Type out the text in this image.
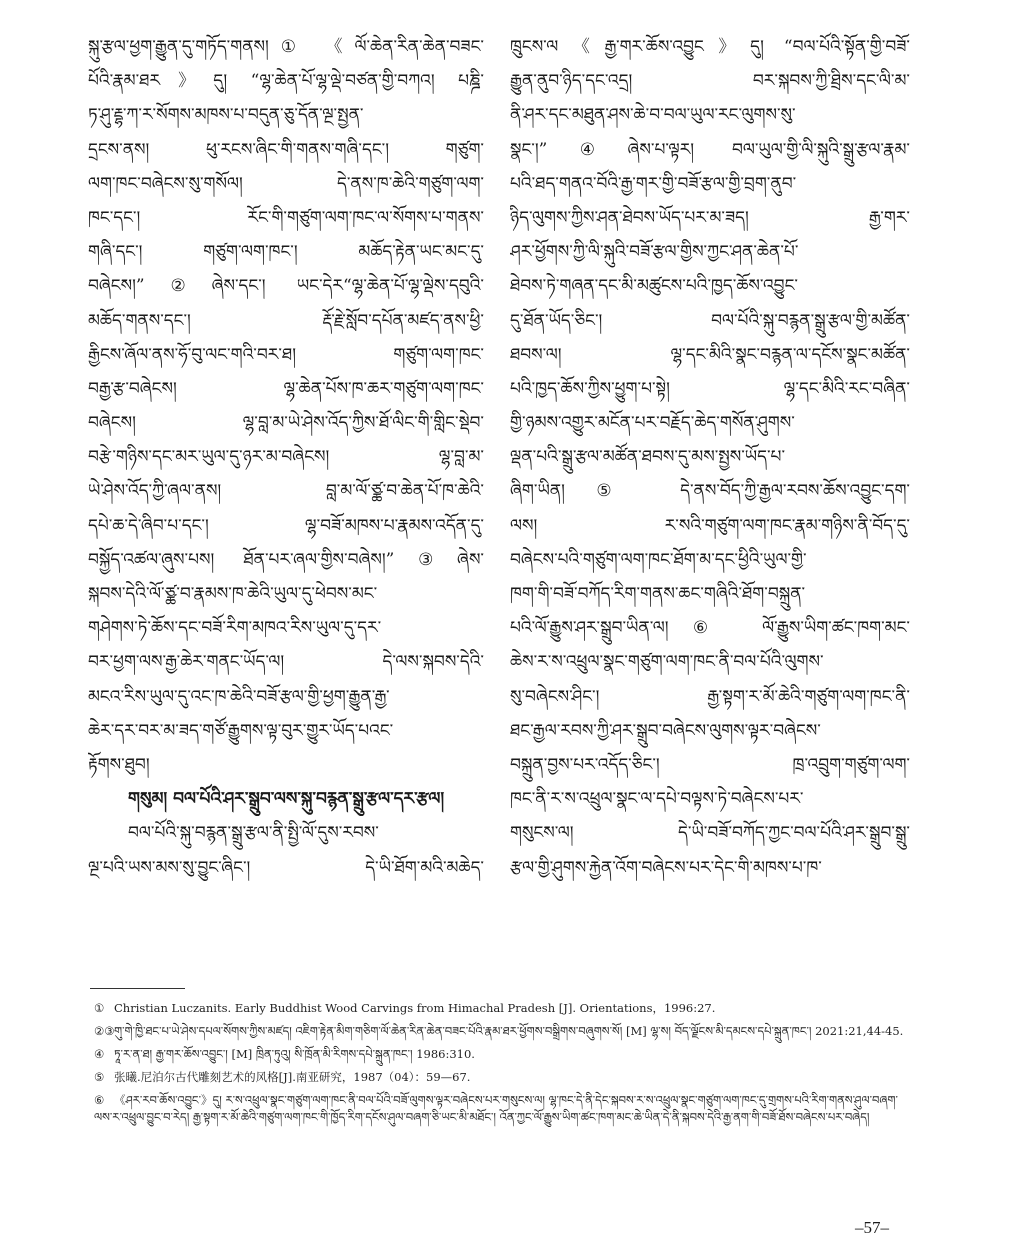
སྐུ་རྩལ་ཕྱག་རྒྱུན་དུ་གཏོད་གནས།① 《ལོ་ཆེན་རིན་ཆེན་བཟང་
པོའི་རྣམ་ཐར》དུ། “ལྷ་ཆེན་པོ་ལྷ་ལྡེ་བཙན་གྱི་བཀའ། པཎྜི་
ཏ་ཤུ་རྡྷ་ཀ་ར་སོགས་མཁས་པ་བདུན་ཅུ་དོན་ལྔ་སྤྱན་
དྲངས་ནས། ཕུ་རངས་ཞིང་གི་གནས་གཞི་དང་། གཙུག་
ལག་ཁང་བཞེངས་སུ་གསོལ། དེ་ནས་ཁ་ཆེའི་གཙུག་ལག་
ཁང་དང་། རོང་གི་གཙུག་ལག་ཁང་ལ་སོགས་པ་གནས་
གཞི་དང་། གཙུག་ལག་ཁང་། མཆོད་རྟེན་ཡང་མང་དུ་
བཞེངས།”②ཞེས་དང་། ཡང་དེར“ལྷ་ཆེན་པོ་ལྷ་ལྡེས་དབུའི་
མཆོད་གནས་དང་། རྡོ་རྗེ་སློབ་དཔོན་མཛད་ནས་ཕྱི་
རྒྱིངས་ཞོལ་ནས་ཧོ་བུ་ལང་གའི་བར་ཐ། གཙུག་ལག་ཁང་
བརྒྱ་རྩ་བཞེངས། ལྷ་ཆེན་པོས་ཁ་ཆར་གཙུག་ལག་ཁང་
བཞེངས། ལྷ་བླ་མ་ཡེ་ཤེས་འོད་ཀྱིས་ཐོ་ལིང་གི་གླིང་སྡེབ་
བརྩེ་གཉིས་དང་མར་ཡུལ་དུ་ཉར་མ་བཞེངས། ལྷ་བླ་མ་
ཡེ་ཤེས་འོད་ཀྱི་ཞལ་ནས། བླ་མ་ལོ་ཙྪ་བ་ཆེན་པོ་ཁ་ཆེའི་
དཔེ་ཆ་དེ་ཞིབ་པ་དང་། ལྷ་བཟོ་མཁས་པ་རྣམས་འདོན་དུ་
བསྐྱོད་འཚལ་ཞུས་པས། ཐོན་པར་ཞལ་གྱིས་བཞེས།”③ཞེས་
སྐབས་དེའི་ལོ་ཙྪ་བ་རྣམས་ཁ་ཆེའི་ཡུལ་དུ་ཕེབས་མང་
གཤེགས་ཏེ་ཆོས་དང་བཟོ་རིག་མཁའ་རིས་ཡུལ་དུ་དར་
བར་ཕྱག་ལས་རྒྱ་ཆེར་གནང་ཡོད་ལ། དེ་ལས་སྐབས་དེའི་
མངའ་རིས་ཡུལ་དུ་འང་ཁ་ཆེའི་བཟོ་རྩལ་གྱི་ཕྱག་རྒྱུན་རྒྱ་
ཆེར་དར་བར་མ་ཟད་གཙོ་རྒྱུགས་ལྟ་བུར་གྱུར་ཡོད་པའང་
རྟོགས་ཐུབ།
གསུམ། བལ་པོའི་ཤར་སྒྲུབ་ལས་སྐུ་བརྙན་སྒྲུ་རྩལ་དར་རྩལ།
བལ་པོའི་སྐུ་བརྙན་སྒྲུ་རྩལ་ནི་སྤྱི་ལོ་དུས་རབས་
ལྔ་པའི་ཡས་མས་སུ་བྱུང་ཞིང་། དེ་ཡི་ཐོག་མའི་མཆེད་
ཁྲུངས་ལ《རྒྱ་གར་ཆོས་འབྱུང》དུ། “བལ་པོའི་སྟོན་གྱི་བཟོ་
རྒྱུན་ནུབ་ཉིད་དང་འདྲ། བར་སྐབས་ཀྱི་ཐྲིས་དང་ལི་མ་
ནི་ཤར་དང་མཐུན་ཤས་ཆེ་བ་བལ་ཡུལ་རང་ལུགས་སུ་
སྣང་།”④ཞེས་པ་ལྟར། བལ་ཡུལ་གྱི་ལི་སྐུའི་སྒྲུ་རྩལ་རྣམ་
པའི་ཐད་གནའ་བོའི་རྒྱ་གར་གྱི་བཟོ་རྩལ་གྱི་བྲག་ནུབ་
ཉིད་ལུགས་ཀྱིས་ཤན་ཐེབས་ཡོད་པར་མ་ཟད། རྒྱ་གར་
ཤར་ཕྱོགས་ཀྱི་ལི་སྐུའི་བཟོ་རྩལ་གྱིས་ཀྱང་ཤན་ཆེན་པོ་
ཐེབས་ཏེ་གཞན་དང་མི་མཚུངས་པའི་ཁྱད་ཆོས་འབྱུང་
དུ་ཐོན་ཡོད་ཅིང་། བལ་པོའི་སྐུ་བརྙན་སྒྲུ་རྩལ་གྱི་མཚོན་
ཐབས་ལ། ལྷ་དང་མིའི་སྣང་བརྙན་ལ་དངོས་སྣང་མཚོན་
པའི་ཁྱད་ཆོས་ཀྱིས་ཕྱུག་པ་སྟེ། ལྷ་དང་མིའི་རང་བཞིན་
གྱི་ཉམས་འགྱུར་མངོན་པར་བརྗོད་ཆེད་གསོན་ཤུགས་
ལྡན་པའི་སྒྲུ་རྩལ་མཚོན་ཐབས་དུ་མས་སྤྱས་ཡོད་པ་
ཞིག་ཡིན།⑤ དེ་ནས་བོད་ཀྱི་རྒྱལ་རབས་ཆོས་འབྱུང་དག་
ལས། ར་སའི་གཙུག་ལག་ཁང་རྣམ་གཉིས་ནི་བོད་དུ་
བཞེངས་པའི་གཙུག་ལག་ཁང་ཐོག་མ་དང་ཕྱིའི་ཡུལ་གྱི་
ཁག་གི་བཟོ་བཀོད་རིག་གནས་ཆང་གཞིའི་ཐོག་བསྐྲུན་
པའི་ལོ་རྒྱུས་ཤར་སྒྲུབ་ཡིན་ལ།⑥ ལོ་རྒྱུས་ཡིག་ཚང་ཁག་མང་
ཆེས་ར་ས་འཕྲུལ་སྣང་གཙུག་ལག་ཁང་ནི་བལ་པོའི་ལུགས་
སུ་བཞེངས་ཤིང་། རྒྱ་སྟག་ར་མོ་ཆེའི་གཙུག་ལག་ཁང་ནི་
ཐང་རྒྱལ་རབས་ཀྱི་ཤར་སྒྲུབ་བཞེངས་ལུགས་ལྟར་བཞེངས་
བསྐྲུན་བྱས་པར་འདོད་ཅིང་། ཁྲ་འབྲུག་གཙུག་ལག་
ཁང་ནི་ར་ས་འཕྲུལ་སྣང་ལ་དཔེ་བལྟས་ཏེ་བཞེངས་པར་
གསུངས་ལ། དེ་ཡི་བཟོ་བཀོད་ཀྱང་བལ་པོའི་ཤར་སྒྲུབ་སྒྲུ་
རྩལ་གྱི་ཤུགས་རྐྱེན་འོག་བཞེངས་པར་དེང་གི་མཁས་པ་ཁ་
① Christian Luczanits. Early Buddhist Wood Carvings from Himachal Pradesh [J]. Orientations，1996:27.
②③གུ་གེ་ཁྱི་ཐང་པ་ཡེ་ཤེས་དཔལ་སོགས་ཀྱིས་མཛད། འཇིག་རྟེན་མིག་གཅིག་ལོ་ཆེན་རིན་ཆེན་བཟང་པོའི་རྣམ་ཐར་ཕྱོགས་བསྒྲིགས་བཞུགས་སོ། [M] ལྷ་ས། བོད་ལྗོངས་མི་དམངས་དཔེ་སྐྲུན་ཁང་། 2021:21,44-45.
④ ཏཱ་ར་ན་ཐ། རྒྱ་གར་ཆོས་འབྱུང་། [M] ཁྲིན་ཏུའུ། སི་ཁྲོན་མི་རིགས་དཔེ་སྐྲུན་ཁང་། 1986:310.
⑤ 张曦.尼泊尔古代雕刻艺术的风格[J].南亚研究，1987（04）：59—67.
⑥ 《ཤར་རབ་ཆོས་འབྱུང་》དུ། ར་ས་འཕྲུལ་སྣང་གཙུག་ལག་ཁང་ནི་བལ་པོའི་བཟོ་ལུགས་ལྟར་བཞེངས་པར་གསུངས་ལ། ལྷ་ཁང་དེ་ནི་དེང་སྐབས་ར་ས་འཕྲུལ་སྣང་གཙུག་ལག་ཁང་དུ་གྲགས་པའི་རིག་གནས་ཤུལ་བཞག་ལས་ར་འཕྲུལ་བྱུང་བ་རེད། རྒྱ་སྟག་ར་མོ་ཆེའི་གཙུག་ལག་ཁང་གི་ཁྱོད་རིག་དངོས་ཤུལ་བཞག་ཅི་ཡང་མི་མཐོང་། འོན་ཀྱང་ལོ་རྒྱུས་ཡིག་ཚང་ཁག་མང་ཆེ་ཡིན་དེ་ནི་སྐབས་དེའི་རྒྱ་ནག་གི་བཟོ་ཐོས་བཞེངས་པར་བཞེད།
–57–
